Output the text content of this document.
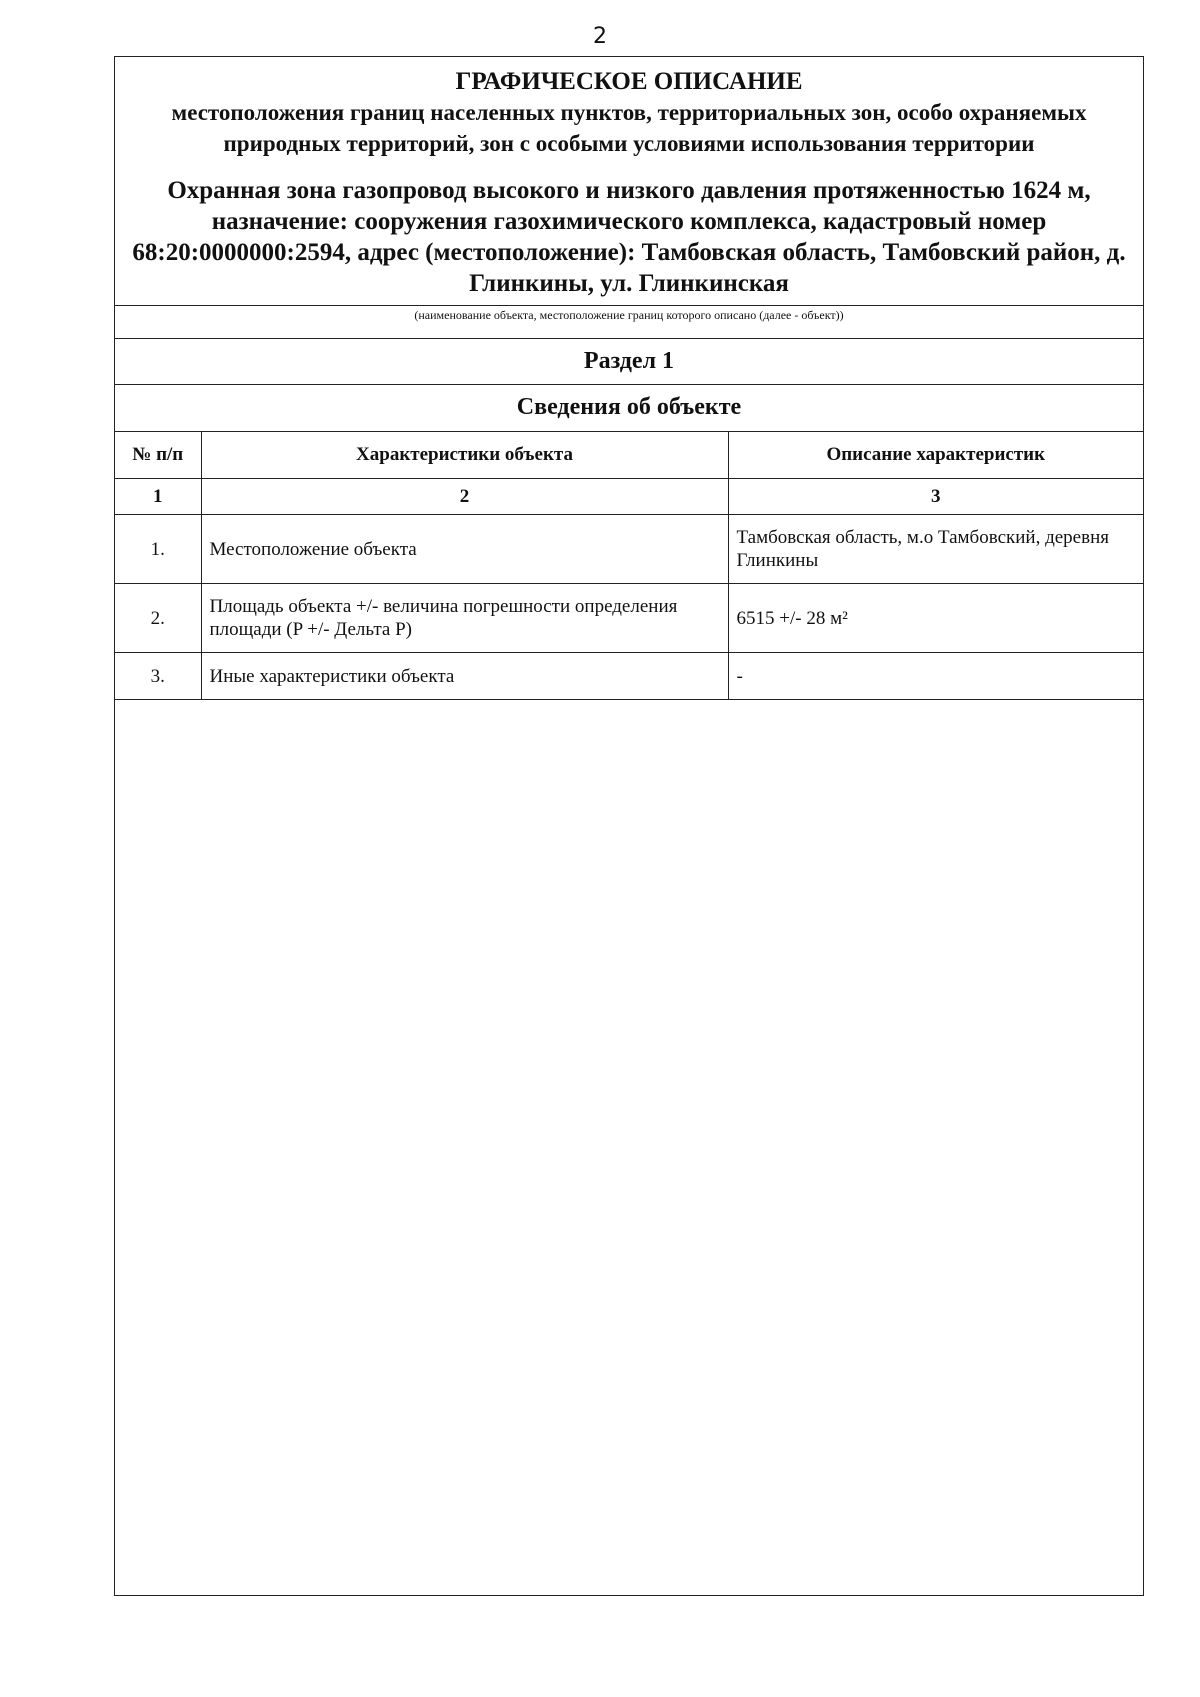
2
ГРАФИЧЕСКОЕ ОПИСАНИЕ
местоположения границ населенных пунктов, территориальных зон, особо охраняемых природных территорий, зон с особыми условиями использования территории
Охранная зона газопровод высокого и низкого давления протяженностью 1624 м, назначение: сооружения газохимического комплекса, кадастровый номер 68:20:0000000:2594, адрес (местоположение): Тамбовская область, Тамбовский район, д. Глинкины, ул. Глинкинская
(наименование объекта, местоположение границ которого описано (далее - объект))
Раздел 1
Сведения об объекте
№ п/п	Характеристики объекта	Описание характеристик
1	2	3
1.	Местоположение объекта	Тамбовская область, м.о Тамбовский, деревня Глинкины
2.	Площадь объекта +/- величина погрешности определения площади (P +/- Дельта P)	6515 +/- 28 м²
3.	Иные характеристики объекта	-
